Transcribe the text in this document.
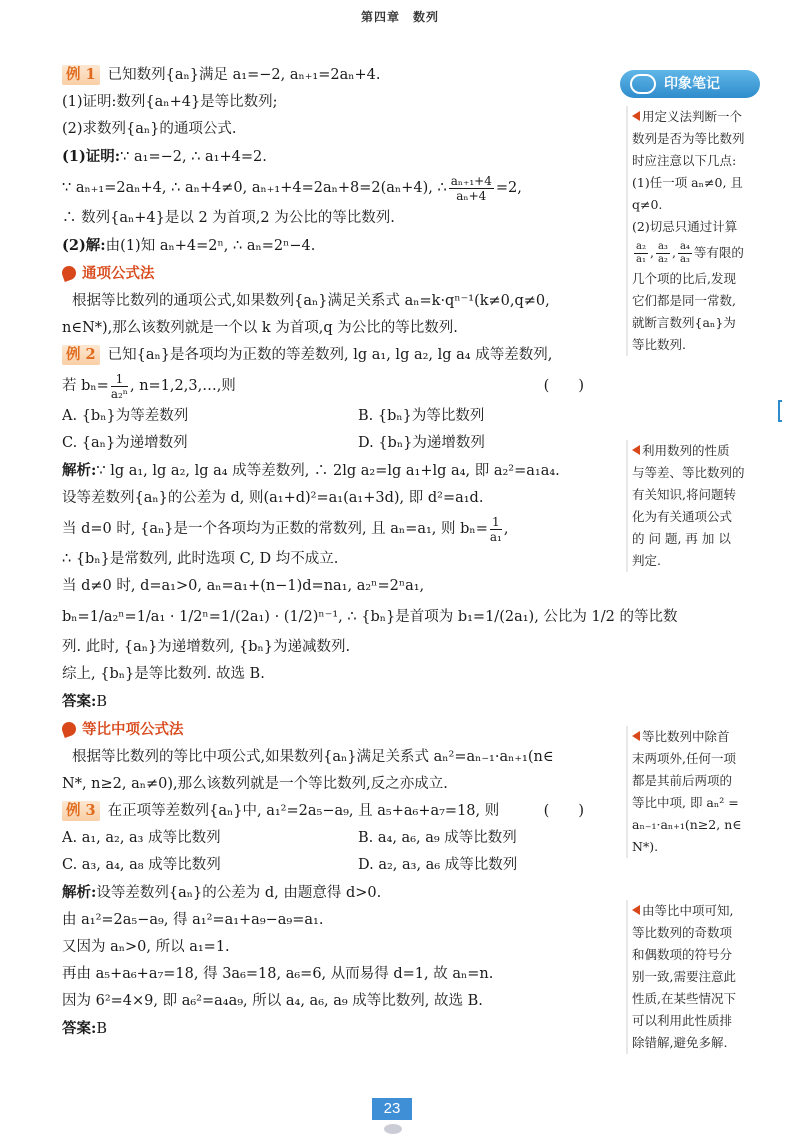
第四章　数列

例 1 已知数列{aₙ}满足 a₁=−2, aₙ₊₁=2aₙ+4.

(1)证明:数列{aₙ+4}是等比数列;

(2)求数列{aₙ}的通项公式.

(1)证明:∵ a₁=−2, ∴ a₁+4=2.

∵ aₙ₊₁=2aₙ+4, ∴ aₙ+4≠0, aₙ₊₁+4=2aₙ+8=2(aₙ+4), ∴ $\frac{\text{aₙ₊₁+4}}{\text{aₙ+4}} =2$,

∴ 数列{aₙ+4}是以 2 为首项,2 为公比的等比数列.

(2)解:由(1)知 aₙ+4=2ⁿ, ∴ aₙ=2ⁿ−4.

通项公式法

根据等比数列的通项公式,如果数列{aₙ}满足关系式 aₙ=k·qⁿ⁻¹(k≠0,q≠0,

n∈N*),那么该数列就是一个以 k 为首项,q 为公比的等比数列.

例 2 已知{aₙ}是各项均为正数的等差数列, lg a₁, lg a₂, lg a₄ 成等差数列,

若 $b_n= \frac{1}{\text{a₂ⁿ}}$ , n=1,2,3,…,则	(　　)

A. {bₙ}为等差数列	B. {bₙ}为等比数列

C. {aₙ}为递增数列	D. {bₙ}为递增数列

解析:∵ lg a₁, lg a₂, lg a₄ 成等差数列, ∴ 2lg a₂=lg a₁+lg a₄, 即 a₂²=a₁a₄.

设等差数列{aₙ}的公差为 d, 则(a₁+d)²=a₁(a₁+3d), 即 d²=a₁d.

当 d=0 时, {aₙ}是一个各项均为正数的常数列, 且 aₙ=a₁, 则 $b_n= \frac{1}{\text{a₁}}$ ,

∴ {bₙ}是常数列, 此时选项 C, D 均不成立.

当 d≠0 时, d=a₁>0, aₙ=a₁+(n−1)d=na₁, a₂ⁿ=2ⁿa₁,

bₙ=1/a₂ⁿ=1/a₁ · 1/2ⁿ=1/(2a₁) · (1/2)ⁿ⁻¹, ∴ {bₙ}是首项为 b₁=1/(2a₁), 公比为 1/2 的等比数

列. 此时, {aₙ}为递增数列, {bₙ}为递减数列.

综上, {bₙ}是等比数列. 故选 B.

答案:B

等比中项公式法

根据等比数列的等比中项公式,如果数列{aₙ}满足关系式 aₙ²=aₙ₋₁·aₙ₊₁(n∈

N*, n≥2, aₙ≠0),那么该数列就是一个等比数列,反之亦成立.

例 3 在正项等差数列{aₙ}中, a₁²=2a₅−a₉, 且 a₅+a₆+a₇=18, 则	(　　)

A. a₁, a₂, a₃ 成等比数列	B. a₄, a₆, a₉ 成等比数列

C. a₃, a₄, a₈ 成等比数列	D. a₂, a₃, a₆ 成等比数列

解析:设等差数列{aₙ}的公差为 d, 由题意得 d>0.

由 a₁²=2a₅−a₉, 得 a₁²=a₁+a₉−a₉=a₁.

又因为 aₙ>0, 所以 a₁=1.

再由 a₅+a₆+a₇=18, 得 3a₆=18, a₆=6, 从而易得 d=1, 故 aₙ=n.

因为 6²=4×9, 即 a₆²=a₄a₉, 所以 a₄, a₆, a₉ 成等比数列, 故选 B.

答案:B

印象笔记
用定义法判断一个
数列是否为等比数列
时应注意以下几点:
(1)任一项 aₙ≠0, 且
q≠0.
(2)切忌只通过计算
$\frac{\text{a₂}}{\text{a₁}}$ , $\frac{\text{a₃}}{\text{a₂}}$ , $\frac{\text{a₄}}{\text{a₃}}$ 等有限的
几个项的比后,发现
它们都是同一常数,
就断言数列{aₙ}为
等比数列.
利用数列的性质
与等差、等比数列的
有关知识,将问题转
化为有关通项公式
的 问 题, 再 加 以
判定.
等比数列中除首
末两项外,任何一项
都是其前后两项的
等比中项, 即 aₙ² =
aₙ₋₁·aₙ₊₁(n≥2, n∈
N*).
由等比中项可知,
等比数列的奇数项
和偶数项的符号分
别一致,需要注意此
性质,在某些情况下
可以利用此性质排
除错解,避免多解.
23
